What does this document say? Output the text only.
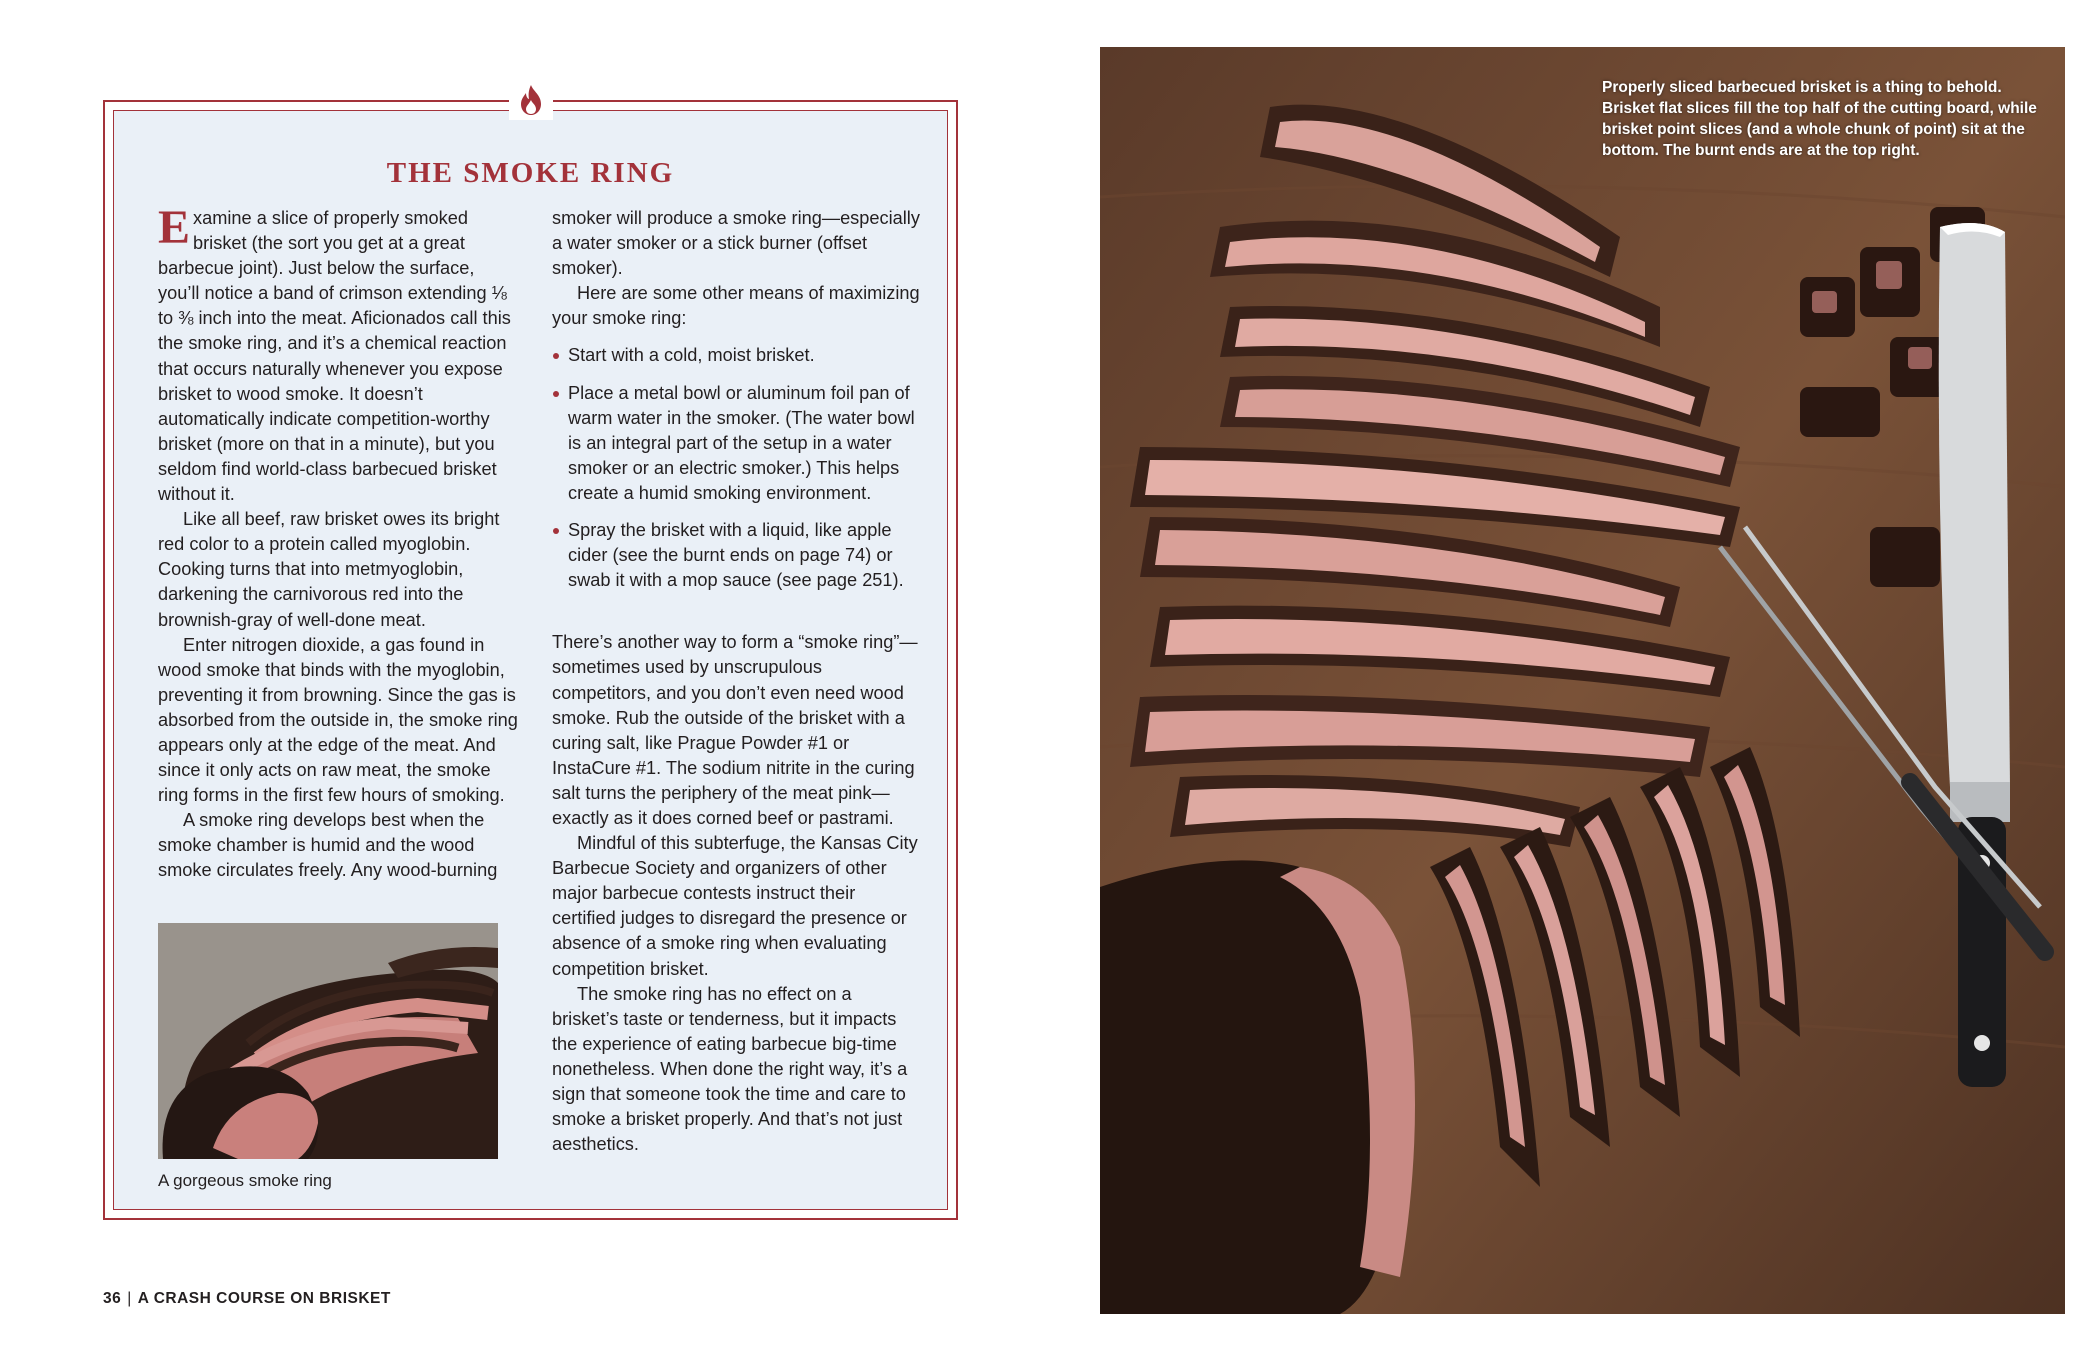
THE SMOKE RING

Examine a slice of properly smoked brisket (the sort you get at a great barbecue joint). Just below the surface, you’ll notice a band of crimson extending ⅛ to ⅜ inch into the meat. Aficionados call this the smoke ring, and it’s a chemical reaction that occurs naturally whenever you expose brisket to wood smoke. It doesn’t automatically indicate competition-worthy brisket (more on that in a minute), but you seldom find world-class barbecued brisket without it.

Like all beef, raw brisket owes its bright red color to a protein called myoglobin. Cooking turns that into metmyoglobin, darkening the carnivorous red into the brownish-gray of well-done meat.

Enter nitrogen dioxide, a gas found in wood smoke that binds with the myoglobin, preventing it from browning. Since the gas is absorbed from the outside in, the smoke ring appears only at the edge of the meat. And since it only acts on raw meat, the smoke ring forms in the first few hours of smoking.

A smoke ring develops best when the smoke chamber is humid and the wood smoke circulates freely. Any wood-burning

smoker will produce a smoke ring—especially a water smoker or a stick burner (offset smoker).

Here are some other means of maximizing your smoke ring:

Start with a cold, moist brisket.
Place a metal bowl or aluminum foil pan of warm water in the smoker. (The water bowl is an integral part of the setup in a water smoker or an electric smoker.) This helps create a humid smoking environment.
Spray the brisket with a liquid, like apple cider (see the burnt ends on page 74) or swab it with a mop sauce (see page 251).

There’s another way to form a “smoke ring”—sometimes used by unscrupulous competitors, and you don’t even need wood smoke. Rub the outside of the brisket with a curing salt, like Prague Powder #1 or InstaCure #1. The sodium nitrite in the curing salt turns the periphery of the meat pink—exactly as it does corned beef or pastrami.

Mindful of this subterfuge, the Kansas City Barbecue Society and organizers of other major barbecue contests instruct their certified judges to disregard the presence or absence of a smoke ring when evaluating competition brisket.

The smoke ring has no effect on a brisket’s taste or tenderness, but it impacts the experience of eating barbecue big-time nonetheless. When done the right way, it’s a sign that someone took the time and care to smoke a brisket properly. And that’s not just aesthetics.

A gorgeous smoke ring
36 | A CRASH COURSE ON BRISKET
Properly sliced barbecued brisket is a thing to behold. Brisket flat slices fill the top half of the cutting board, while brisket point slices (and a whole chunk of point) sit at the bottom. The burnt ends are at the top right.
